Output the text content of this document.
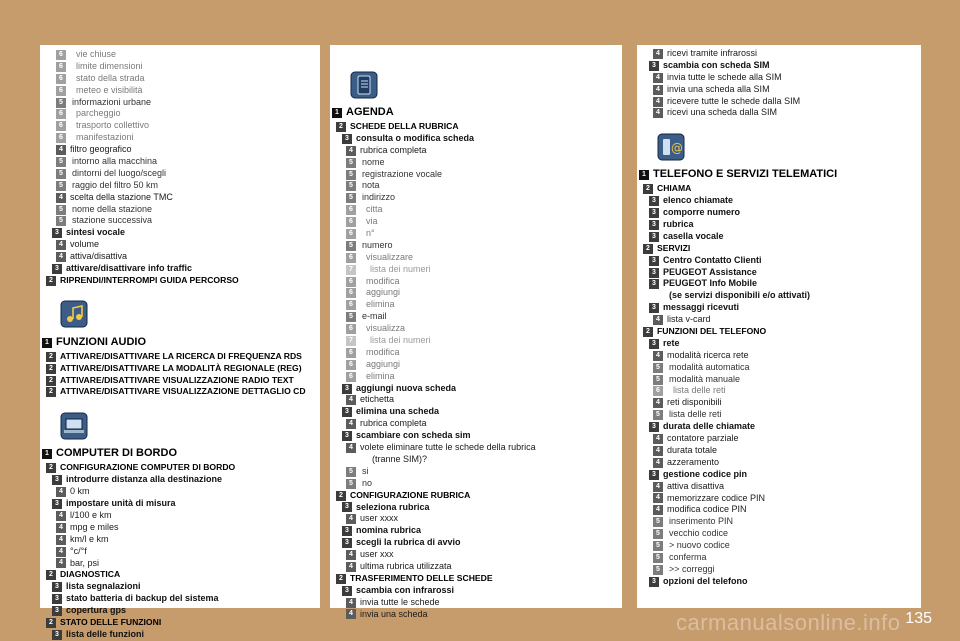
6	vie chiuse
6	limite dimensioni
6	stato della strada
6	meteo e visibilità
5	informazioni urbane
6	parcheggio
6	trasporto collettivo
6	manifestazioni
4 filtro geografico
5	intorno alla macchina
5	dintorni del luogo/scegli
5	raggio del filtro 50 km
4 scelta della stazione TMC
5	nome della stazione
5	stazione successiva
3 sintesi vocale
4 volume
4 attiva/disattiva
3 attivare/disattivare info traffic
2 RIPRENDI/INTERROMPI GUIDA PERCORSO
1 FUNZIONI AUDIO
2 ATTIVARE/DISATTIVARE LA RICERCA DI FREQUENZA RDS
2 ATTIVARE/DISATTIVARE LA MODALITÀ REGIONALE (REG)
2 ATTIVARE/DISATTIVARE VISUALIZZAZIONE RADIO TEXT
2 ATTIVARE/DISATTIVARE VISUALIZZAZIONE DETTAGLIO CD
1 COMPUTER DI BORDO
2 CONFIGURAZIONE COMPUTER DI BORDO
3 introdurre distanza alla destinazione
4 0 km
3 impostare unità di misura
4 l/100 e km
4 mpg e miles
4 km/l e km
4 °c/°f
4 bar, psi
2 DIAGNOSTICA
3 lista segnalazioni
3 stato batteria di backup del sistema
3 copertura gps
2 STATO DELLE FUNZIONI
3 lista delle funzioni
1 AGENDA
2 SCHEDE DELLA RUBRICA
3 consulta o modifica scheda
4 rubrica completa
5	nome
5	registrazione vocale
5	nota
5	indirizzo
6	citta
6	via
6	n°
5	numero
6	visualizzare
7	lista dei numeri
6	modifica
6	aggiungi
6	elimina
5	e-mail
6	visualizza
7	lista dei numeri
6	modifica
6	aggiungi
6	elimina
3 aggiungi nuova scheda
4 etichetta
3 elimina una scheda
4 rubrica completa
3 scambiare con scheda sim
4 volete eliminare tutte le schede della rubrica
(tranne SIM)?
5	si
5	no
2 CONFIGURAZIONE RUBRICA
3 seleziona rubrica
4 user xxxx
3 nomina rubrica
3 scegli la rubrica di avvio
4 user xxx
4 ultima rubrica utilizzata
2 TRASFERIMENTO DELLE SCHEDE
3 scambia con infrarossi
4 invia tutte le schede
4 invia una scheda
4 ricevi tramite infrarossi
3 scambia con scheda SIM
4 invia tutte le schede alla SIM
4 invia una scheda alla SIM
4 ricevere tutte le schede dalla SIM
4 ricevi una scheda dalla SIM
@
1 TELEFONO E SERVIZI TELEMATICI
2 CHIAMA
3 elenco chiamate
3 comporre numero
3 rubrica
3 casella vocale
2 SERVIZI
3 Centro Contatto Clienti
3 PEUGEOT Assistance
3 PEUGEOT Info Mobile
(se servizi disponibili e/o attivati)
3 messaggi ricevuti
4 lista v-card
2 FUNZIONI DEL TELEFONO
3 rete
4 modalità ricerca rete
5	modalità automatica
5	modalità manuale
6	lista delle reti
4 reti disponibili
5	lista delle reti
3 durata delle chiamate
4 contatore parziale
4 durata totale
4 azzeramento
3 gestione codice pin
4 attiva disattiva
4 memorizzare codice PIN
4 modifica codice PIN
5	inserimento PIN
5	vecchio codice
5	> nuovo codice
5	conferma
5	>> correggi
3 opzioni del telefono
135
carmanualsonline.info
